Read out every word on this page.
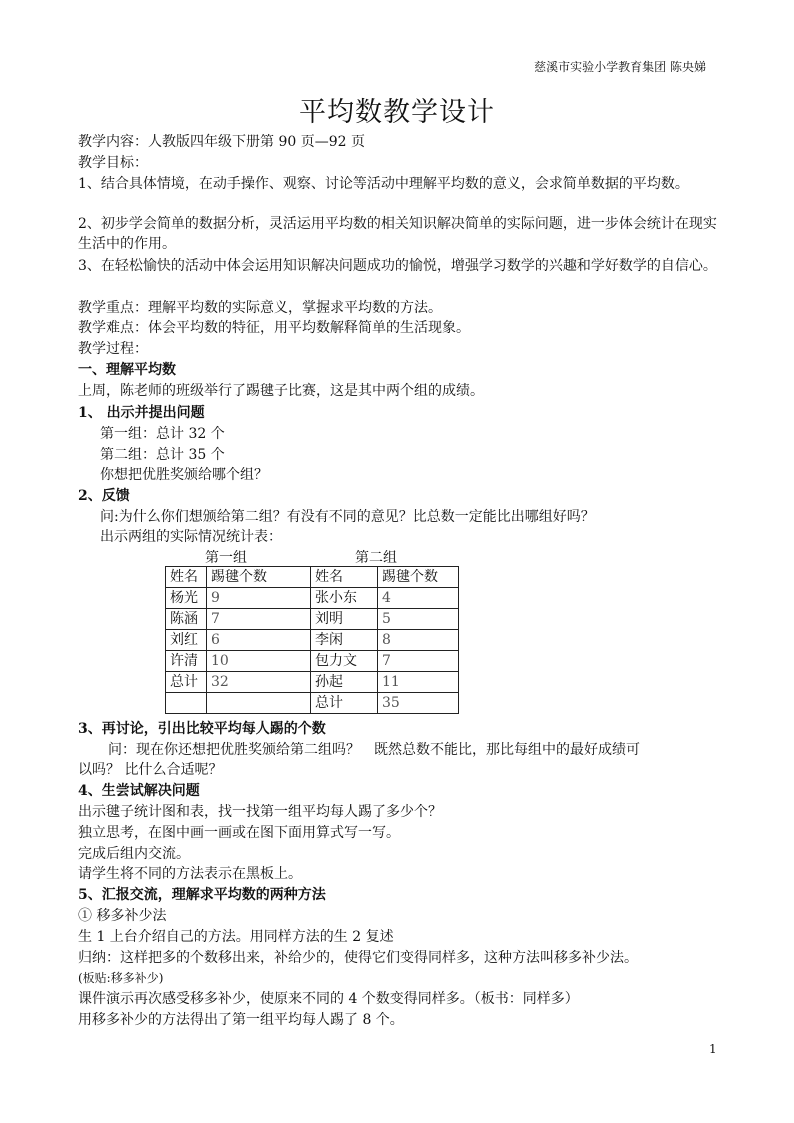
慈溪市实验小学教育集团 陈央娣
平均数教学设计
教学内容：人教版四年级下册第 90 页—92 页
教学目标：
1、结合具体情境，在动手操作、观察、讨论等活动中理解平均数的意义，会求简单数据的平均数。
2、初步学会简单的数据分析，灵活运用平均数的相关知识解决简单的实际问题，进一步体会统计在现实生活中的作用。
3、在轻松愉快的活动中体会运用知识解决问题成功的愉悦，增强学习数学的兴趣和学好数学的自信心。
教学重点：理解平均数的实际意义，掌握求平均数的方法。
教学难点：体会平均数的特征，用平均数解释简单的生活现象。
教学过程：
一、理解平均数
上周，陈老师的班级举行了踢毽子比赛，这是其中两个组的成绩。
1、 出示并提出问题
第一组：总计 32 个
第二组：总计 35 个
你想把优胜奖颁给哪个组？
2、反馈
问:为什么你们想颁给第二组？有没有不同的意见？比总数一定能比出哪组好吗？
出示两组的实际情况统计表：
第一组	第二组
姓名	踢毽个数	姓名	踢毽个数
杨光	9	张小东	4
陈涵	7	刘明	5
刘红	6	李闲	8
许清	10	包力文	7
总计	32	孙起	11
		总计	35
3、再讨论，引出比较平均每人踢的个数
问：现在你还想把优胜奖颁给第二组吗？　既然总数不能比，那比每组中的最好成绩可
以吗？ 比什么合适呢？
4、生尝试解决问题
出示毽子统计图和表，找一找第一组平均每人踢了多少个？
独立思考，在图中画一画或在图下面用算式写一写。
完成后组内交流。
请学生将不同的方法表示在黑板上。
5、汇报交流，理解求平均数的两种方法
① 移多补少法
生 1 上台介绍自己的方法。用同样方法的生 2 复述
归纳：这样把多的个数移出来，补给少的，使得它们变得同样多，这种方法叫移多补少法。
(板贴:移多补少)
课件演示再次感受移多补少，使原来不同的 4 个数变得同样多。（板书：同样多）
用移多补少的方法得出了第一组平均每人踢了 8 个。
1
